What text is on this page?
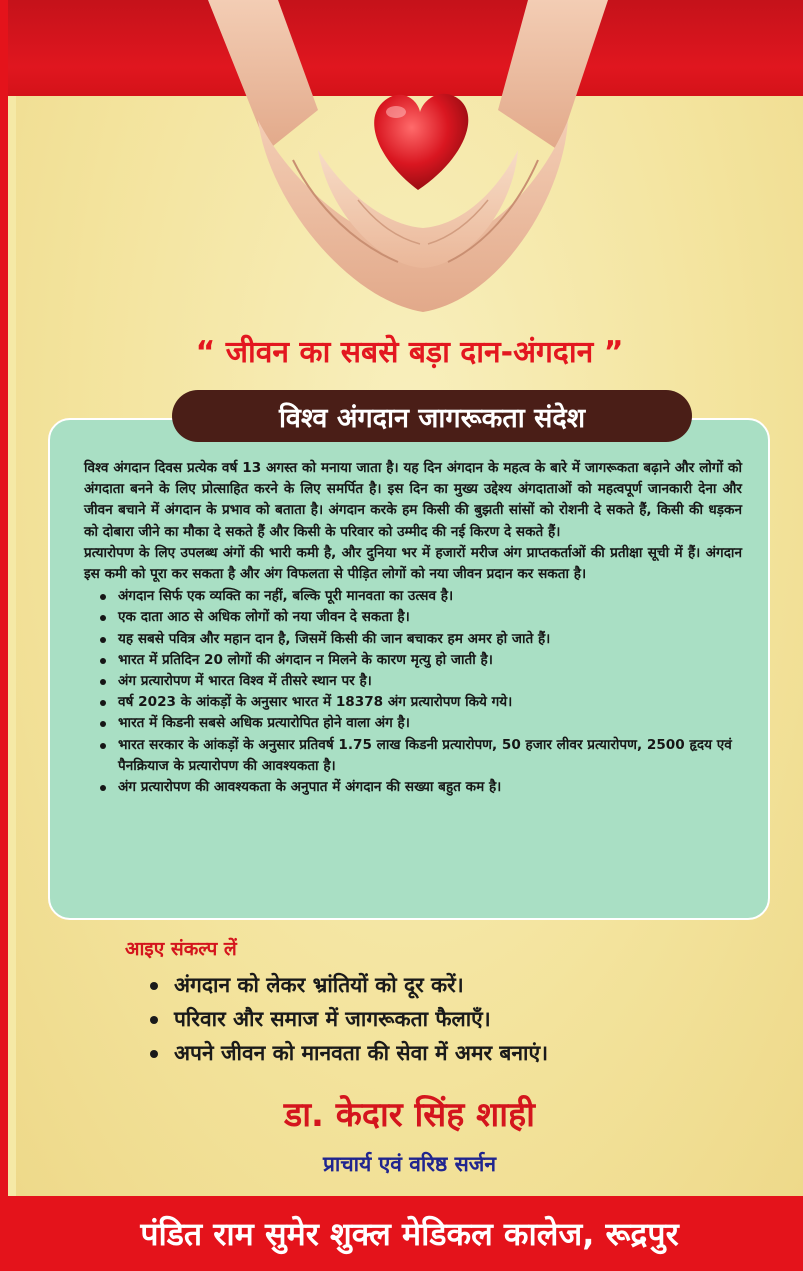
“ जीवन का सबसे बड़ा दान-अंगदान ”
विश्व अंगदान जागरूकता संदेश

विश्व अंगदान दिवस प्रत्येक वर्ष 13 अगस्त को मनाया जाता है। यह दिन अंगदान के महत्व के बारे में जागरूकता बढ़ाने और लोगों को अंगदाता बनने के लिए प्रोत्साहित करने के लिए समर्पित है। इस दिन का मुख्य उद्देश्य अंगदाताओं को महत्वपूर्ण जानकारी देना और जीवन बचाने में अंगदान के प्रभाव को बताता है। अंगदान करके हम किसी की बुझती सांसों को रोशनी दे सकते हैं, किसी की धड़कन को दोबारा जीने का मौका दे सकते हैं और किसी के परिवार को उम्मीद की नई किरण दे सकते हैं।

प्रत्यारोपण के लिए उपलब्ध अंगों की भारी कमी है, और दुनिया भर में हजारों मरीज अंग प्राप्तकर्ताओं की प्रतीक्षा सूची में हैं। अंगदान इस कमी को पूरा कर सकता है और अंग विफलता से पीड़ित लोगों को नया जीवन प्रदान कर सकता है।

अंगदान सिर्फ एक व्यक्ति का नहीं, बल्कि पूरी मानवता का उत्सव है।
एक दाता आठ से अधिक लोगों को नया जीवन दे सकता है।
यह सबसे पवित्र और महान दान है, जिसमें किसी की जान बचाकर हम अमर हो जाते हैं।
भारत में प्रतिदिन 20 लोगों की अंगदान न मिलने के कारण मृत्यु हो जाती है।
अंग प्रत्यारोपण में भारत विश्व में तीसरे स्थान पर है।
वर्ष 2023 के आंकड़ों के अनुसार भारत में 18378 अंग प्रत्यारोपण किये गये।
भारत में किडनी सबसे अधिक प्रत्यारोपित होने वाला अंग है।
भारत सरकार के आंकड़ों के अनुसार प्रतिवर्ष 1.75 लाख किडनी प्रत्यारोपण, 50 हजार लीवर प्रत्यारोपण, 2500 हृदय एवं पैनक्रियाज के प्रत्यारोपण की आवश्यकता है।
अंग प्रत्यारोपण की आवश्यकता के अनुपात में अंगदान की सख्या बहुत कम है।
आइए संकल्प लें
अंगदान को लेकर भ्रांतियों को दूर करें।
परिवार और समाज में जागरूकता फैलाएँ।
अपने जीवन को मानवता की सेवा में अमर बनाएं।
डा. केदार सिंह शाही
प्राचार्य एवं वरिष्ठ सर्जन
पंडित राम सुमेर शुक्ल मेडिकल कालेज, रूद्रपुर
